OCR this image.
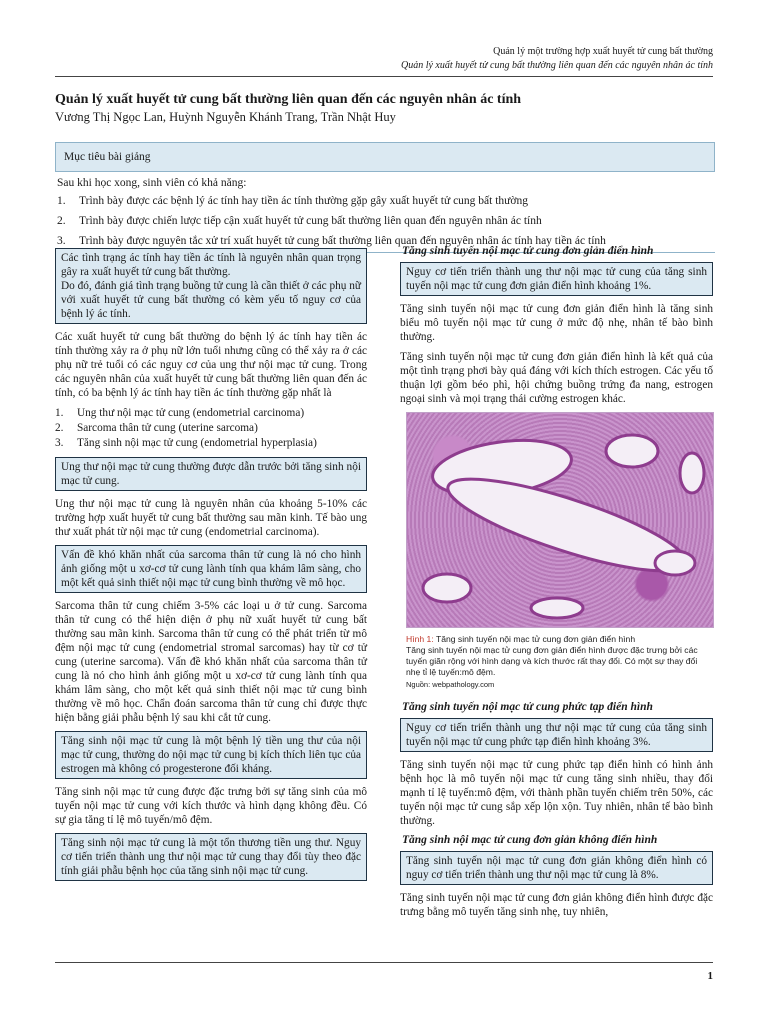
Quản lý một trường hợp xuất huyết tử cung bất thường
Quản lý xuất huyết tử cung bất thường liên quan đến các nguyên nhân ác tính
Quản lý xuất huyết tử cung bất thường liên quan đến các nguyên nhân ác tính
Vương Thị Ngọc Lan, Huỳnh Nguyễn Khánh Trang, Trần Nhật Huy
Mục tiêu bài giảng
Sau khi học xong, sinh viên có khả năng:
1.	Trình bày được các bệnh lý ác tính hay tiền ác tính thường gặp gây xuất huyết tử cung bất thường
2.	Trình bày được chiến lược tiếp cận xuất huyết tử cung bất thường liên quan đến nguyên nhân ác tính
3.	Trình bày được nguyên tắc xử trí xuất huyết tử cung bất thường liên quan đến nguyên nhân ác tính hay tiền ác tính

Các tình trạng ác tính hay tiền ác tính là nguyên nhân quan trọng gây ra xuất huyết tử cung bất thường.

Do đó, đánh giá tình trạng buồng tử cung là cần thiết ở các phụ nữ với xuất huyết tử cung bất thường có kèm yếu tố nguy cơ của bệnh lý ác tính.

Các xuất huyết tử cung bất thường do bệnh lý ác tính hay tiền ác tính thường xảy ra ở phụ nữ lớn tuổi nhưng cũng có thể xảy ra ở các phụ nữ trẻ tuổi có các nguy cơ của ung thư nội mạc tử cung. Trong các nguyên nhân của xuất huyết tử cung bất thường liên quan đến ác tính, có ba bệnh lý ác tính hay tiền ác tính thường gặp nhất là

1.	Ung thư nội mạc tử cung (endometrial carcinoma)
2.	Sarcoma thân tử cung (uterine sarcoma)
3.	Tăng sinh nội mạc tử cung (endometrial hyperplasia)
Ung thư nội mạc tử cung thường được dẫn trước bởi tăng sinh nội mạc tử cung.

Ung thư nội mạc tử cung là nguyên nhân của khoảng 5-10% các trường hợp xuất huyết tử cung bất thường sau mãn kinh. Tế bào ung thư xuất phát từ nội mạc tử cung (endometrial carcinoma).

Vấn đề khó khăn nhất của sarcoma thân tử cung là nó cho hình ảnh giống một u xơ-cơ tử cung lành tính qua khám lâm sàng, cho một kết quả sinh thiết nội mạc tử cung bình thường về mô học.

Sarcoma thân tử cung chiếm 3-5% các loại u ở tử cung. Sarcoma thân tử cung có thể hiện diện ở phụ nữ xuất huyết tử cung bất thường sau mãn kinh. Sarcoma thân tử cung có thể phát triển từ mô đệm nội mạc tử cung (endometrial stromal sarcomas) hay từ cơ tử cung (uterine sarcoma). Vấn đề khó khăn nhất của sarcoma thân tử cung là nó cho hình ảnh giống một u xơ-cơ tử cung lành tính qua khám lâm sàng, cho một kết quả sinh thiết nội mạc tử cung bình thường về mô học. Chẩn đoán sarcoma thân tử cung chỉ được thực hiện bằng giải phẫu bệnh lý sau khi cắt tử cung.

Tăng sinh nội mạc tử cung là một bệnh lý tiền ung thư của nội mạc tử cung, thường do nội mạc tử cung bị kích thích liên tục của estrogen mà không có progesterone đối kháng.

Tăng sinh nội mạc tử cung được đặc trưng bởi sự tăng sinh của mô tuyến nội mạc tử cung với kích thước và hình dạng không đều. Có sự gia tăng tỉ lệ mô tuyến/mô đệm.

Tăng sinh nội mạc tử cung là một tổn thương tiền ung thư. Nguy cơ tiến triển thành ung thư nội mạc tử cung thay đổi tùy theo đặc tính giải phẫu bệnh học của tăng sinh nội mạc tử cung.
Tăng sinh tuyến nội mạc tử cung đơn giản điển hình
Nguy cơ tiến triển thành ung thư nội mạc tử cung của tăng sinh tuyến nội mạc tử cung đơn giản điển hình khoảng 1%.

Tăng sinh tuyến nội mạc tử cung đơn giản điển hình là tăng sinh biểu mô tuyến nội mạc tử cung ở mức độ nhẹ, nhân tế bào bình thường.

Tăng sinh tuyến nội mạc tử cung đơn giản điển hình là kết quả của một tình trạng phơi bày quá đáng với kích thích estrogen. Các yếu tố thuận lợi gồm béo phì, hội chứng buồng trứng đa nang, estrogen ngoại sinh và mọi trạng thái cường estrogen khác.

Hình 1: Tăng sinh tuyến nội mạc tử cung đơn giản điển hình
Tăng sinh tuyến nội mạc tử cung đơn giản điển hình được đặc trưng bởi các tuyến giãn rộng với hình dạng và kích thước rất thay đổi. Có một sự thay đổi nhẹ tỉ lệ tuyến:mô đệm.
Nguồn: webpathology.com
Tăng sinh tuyến nội mạc tử cung phức tạp điển hình
Nguy cơ tiến triển thành ung thư nội mạc tử cung của tăng sinh tuyến nội mạc tử cung phức tạp điển hình khoảng 3%.

Tăng sinh tuyến nội mạc tử cung phức tạp điển hình có hình ảnh bệnh học là mô tuyến nội mạc tử cung tăng sinh nhiều, thay đổi mạnh tỉ lệ tuyến:mô đệm, với thành phần tuyến chiếm trên 50%, các tuyến nội mạc tử cung sắp xếp lộn xộn. Tuy nhiên, nhân tế bào bình thường.

Tăng sinh nội mạc tử cung đơn giản không điển hình
Tăng sinh tuyến nội mạc tử cung đơn giản không điển hình có nguy cơ tiến triển thành ung thư nội mạc tử cung là 8%.

Tăng sinh tuyến nội mạc tử cung đơn giản không điển hình được đặc trưng bằng mô tuyến tăng sinh nhẹ, tuy nhiên,

1
